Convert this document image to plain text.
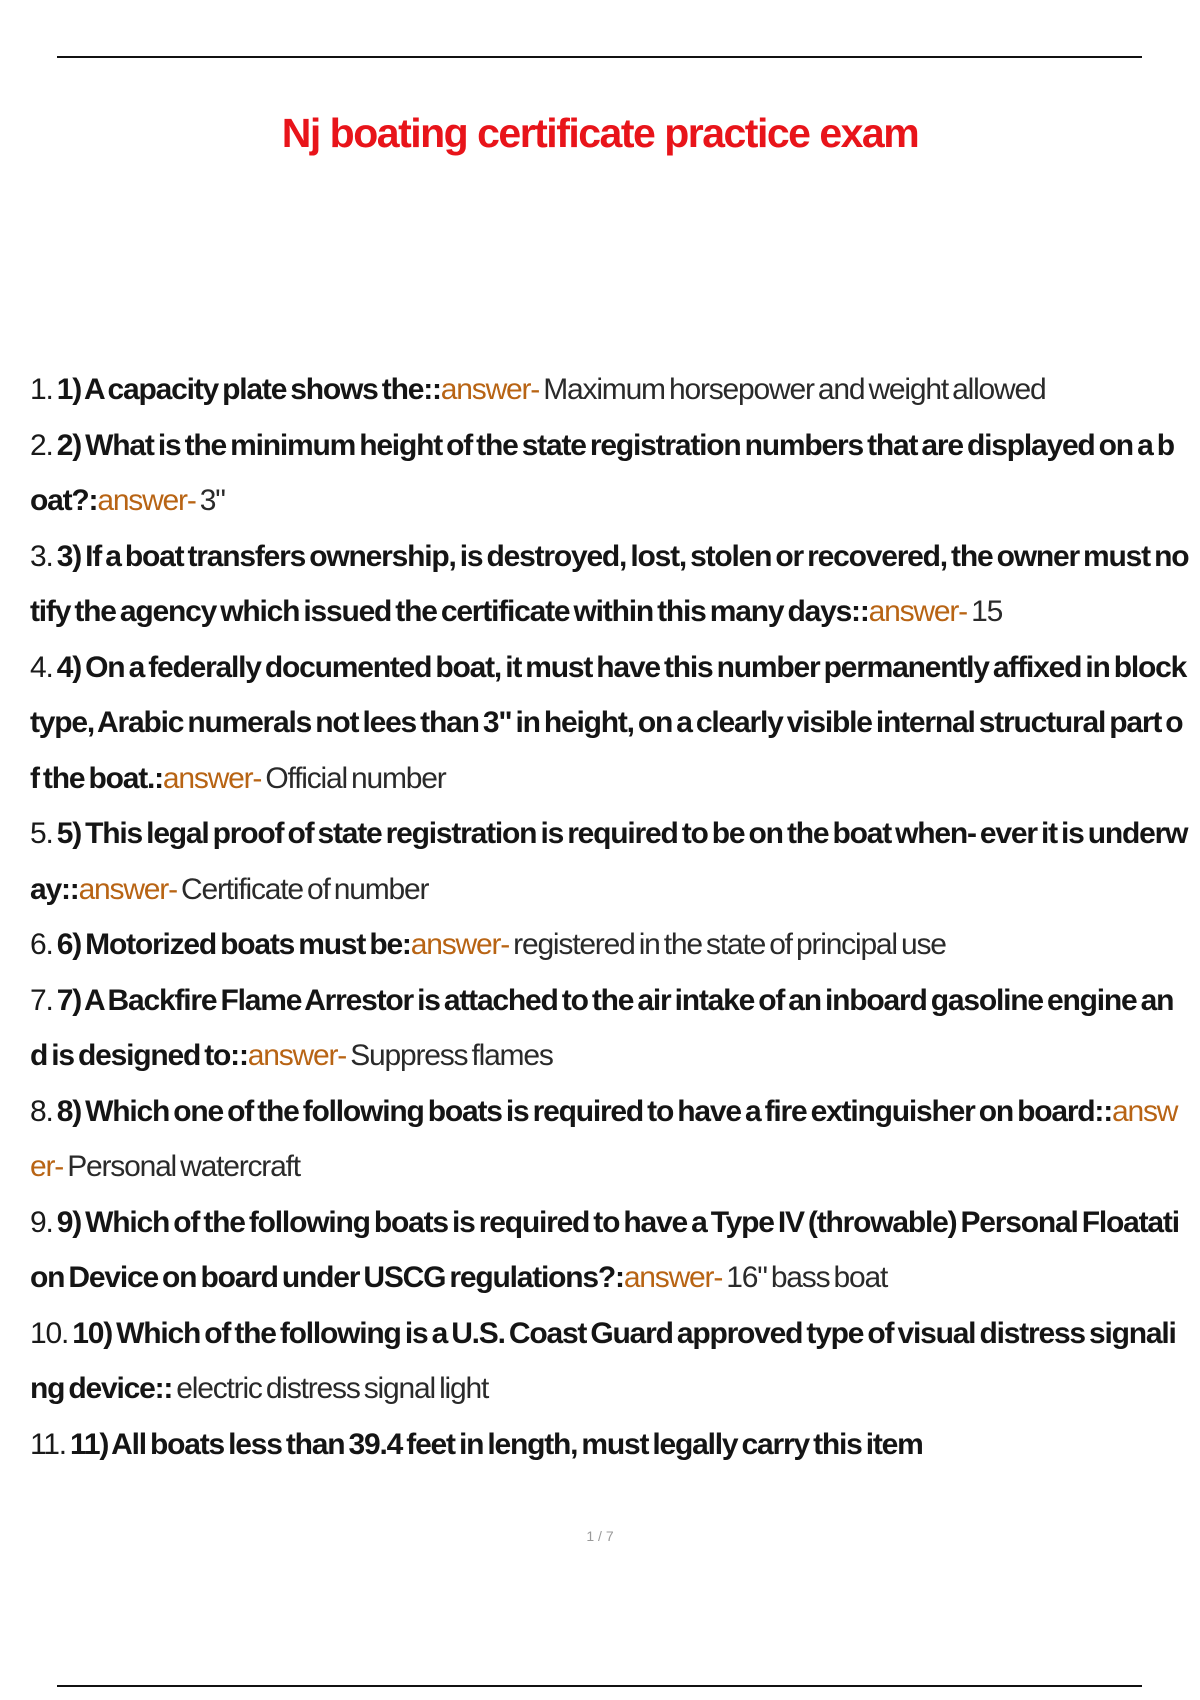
Nj boating certificate practice exam
1. 1) A capacity plate shows the::answer- Maximum horsepower and weight allowed
2. 2) What is the minimum height of the state registration numbers that are displayed on a boat?:answer- 3"
3. 3) If a boat transfers ownership, is destroyed, lost, stolen or recovered, the owner must notify the agency which issued the certificate within this many days::answer- 15
4. 4) On a federally documented boat, it must have this number permanently affixed in block type, Arabic numerals not lees than 3" in height, on a clearly visible internal structural part of the boat.:answer- Official number
5. 5) This legal proof of state registration is required to be on the boat when- ever it is underway::answer- Certificate of number
6. 6) Motorized boats must be:answer- registered in the state of principal use
7. 7) A Backfire Flame Arrestor is attached to the air intake of an inboard gasoline engine and is designed to::answer- Suppress flames
8. 8) Which one of the following boats is required to have a fire extinguisher on board::answer- Personal watercraft
9. 9) Which of the following boats is required to have a Type IV (throwable) Personal Floatation Device on board under USCG regulations?:answer- 16" bass boat
10. 10) Which of the following is a U.S. Coast Guard approved type of visual distress signaling device:: electric distress signal light
11. 11) All boats less than 39.4 feet in length, must legally carry this item
1 / 7
